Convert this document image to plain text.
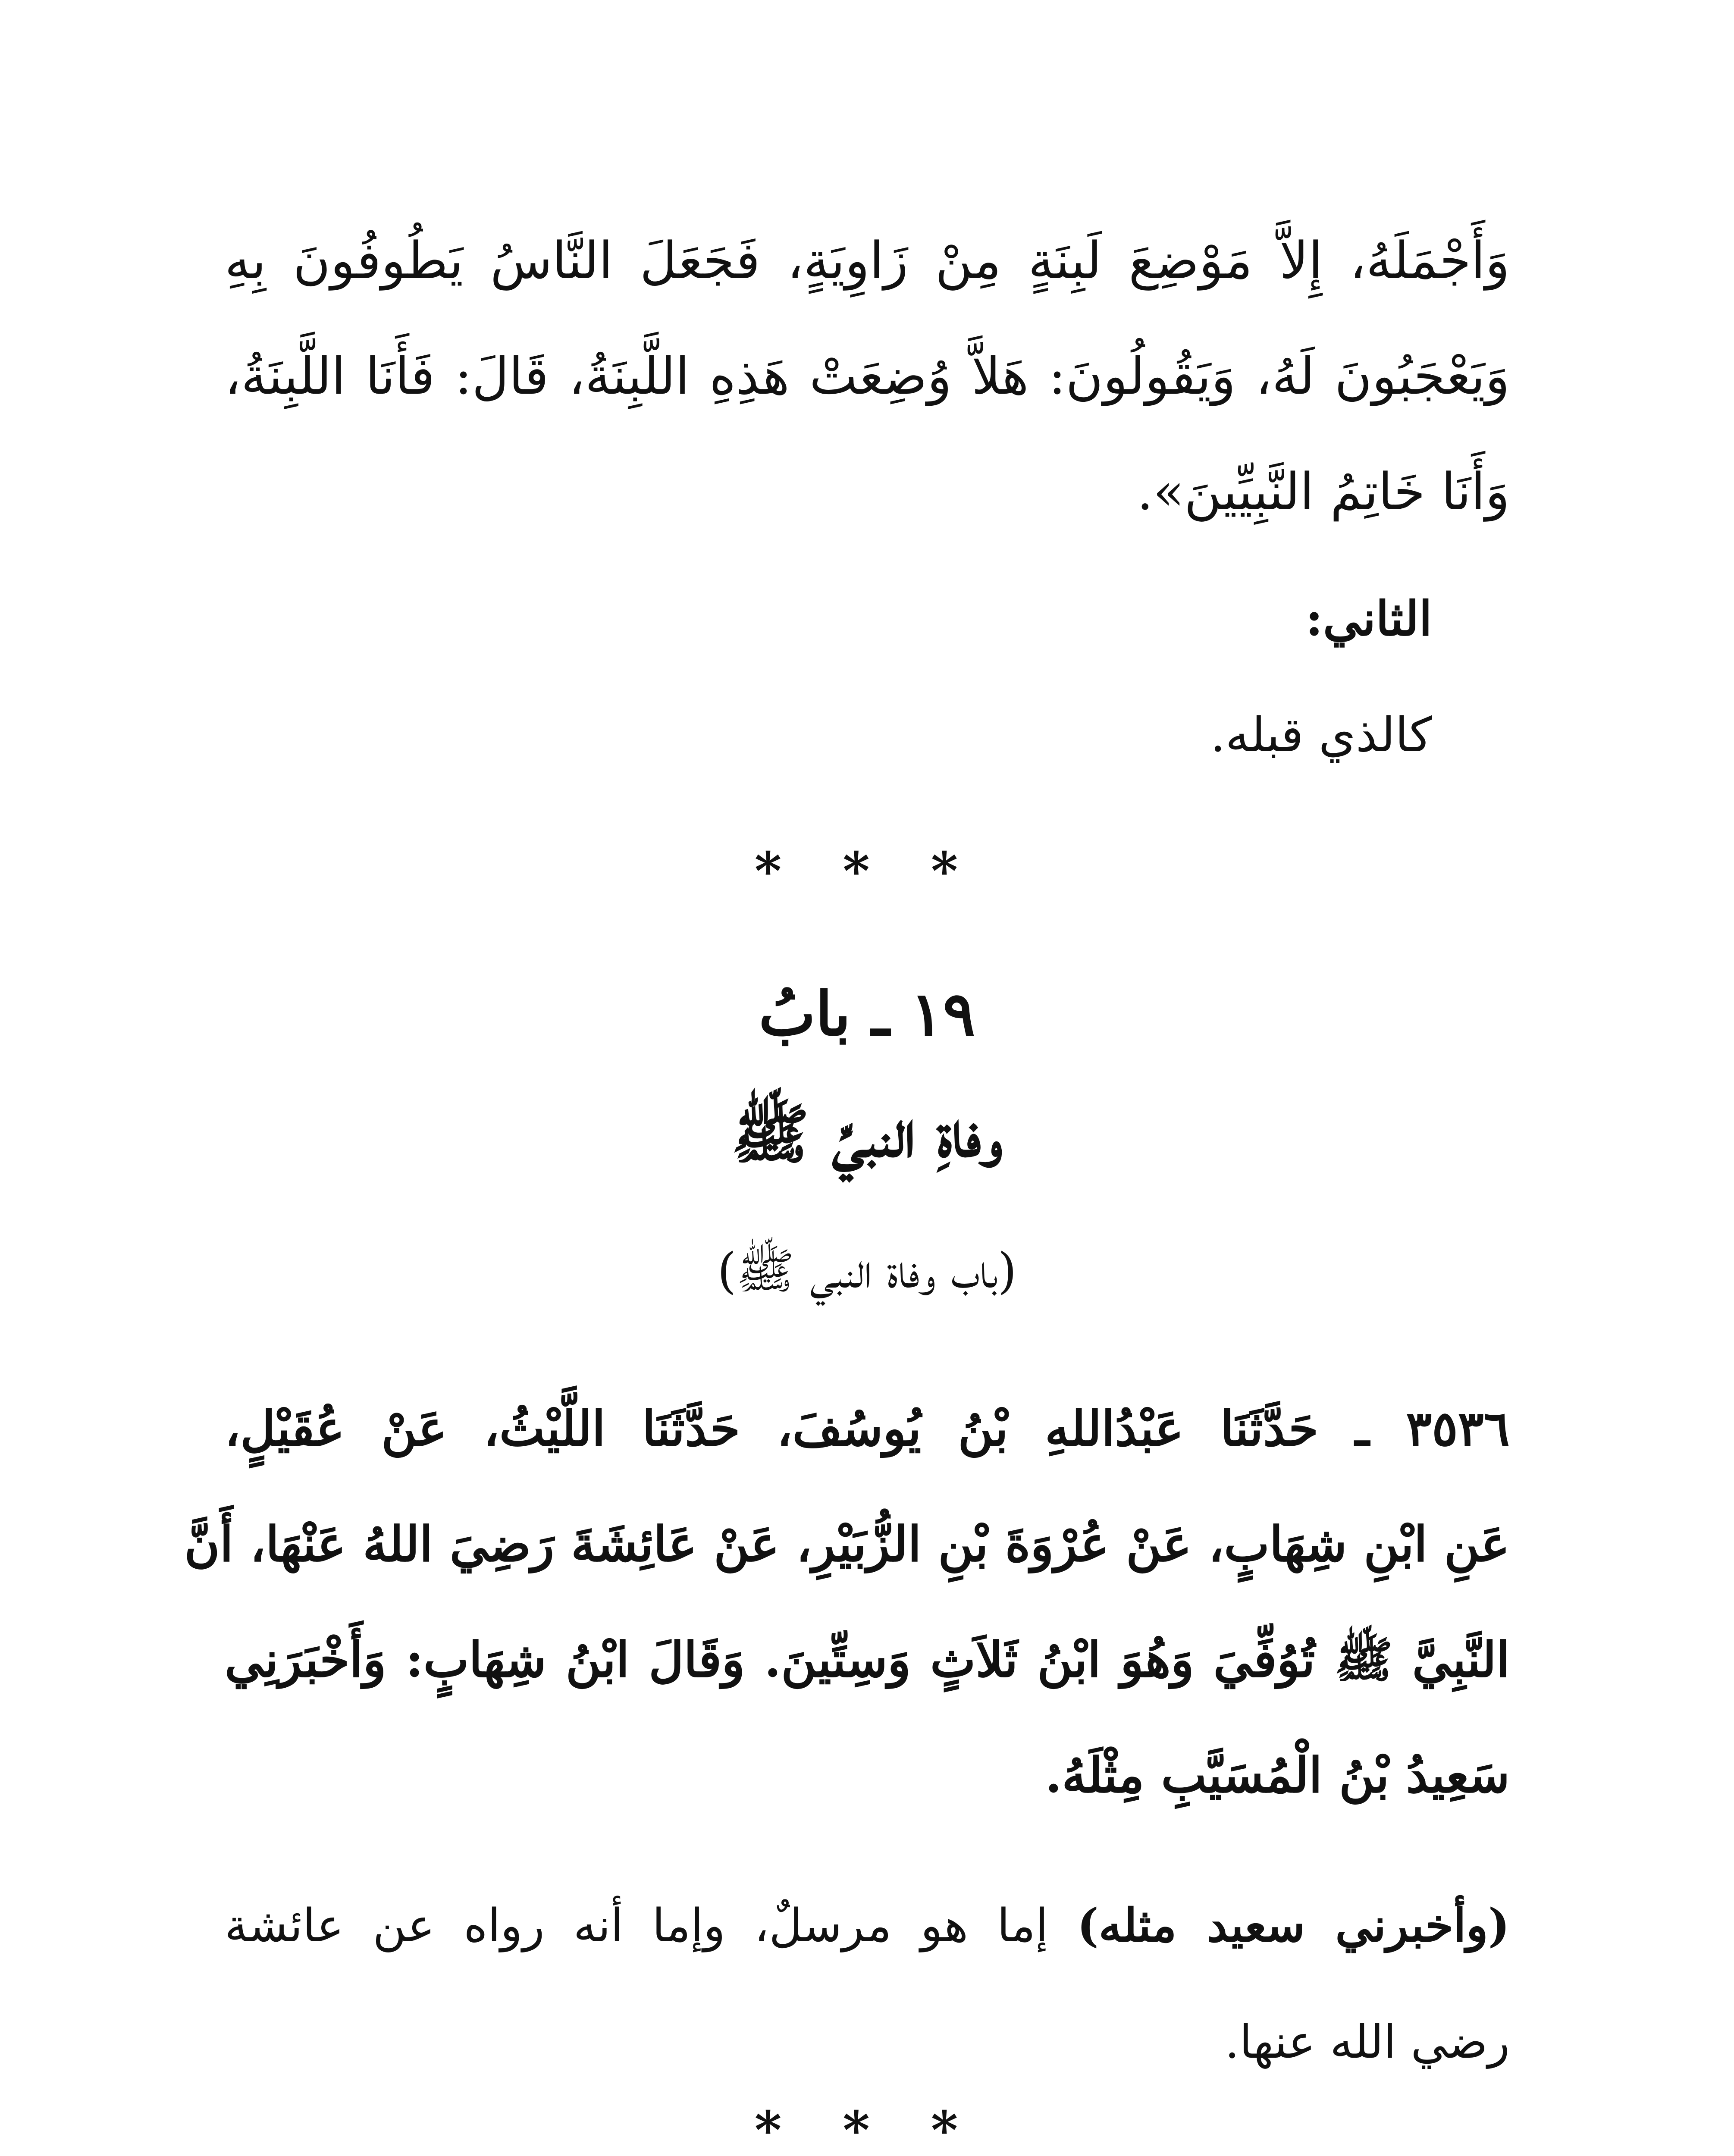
وَأَجْمَلَهُ، إِلاَّ مَوْضِعَ لَبِنَةٍ مِنْ زَاوِيَةٍ، فَجَعَلَ النَّاسُ يَطُوفُونَ بِهِ
وَيَعْجَبُونَ لَهُ، وَيَقُولُونَ: هَلاَّ وُضِعَتْ هَذِهِ اللَّبِنَةُ، قَالَ: فَأَنَا اللَّبِنَةُ،
وَأَنَا خَاتِمُ النَّبِيِّينَ».
الثاني:
كالذي قبله.
* * *
١٩ ـ بابُ
وفاةِ النبيِّ ﷺ
(باب وفاة النبي ﷺ)
٣٥٣٦ ـ حَدَّثَنَا عَبْدُاللهِ بْنُ يُوسُفَ، حَدَّثَنَا اللَّيْثُ، عَنْ عُقَيْلٍ،
عَنِ ابْنِ شِهَابٍ، عَنْ عُرْوَةَ بْنِ الزُّبَيْرِ، عَنْ عَائِشَةَ رَضِيَ اللهُ عَنْهَا، أَنَّ
النَّبِيَّ ﷺ تُوُفِّيَ وَهُوَ ابْنُ ثَلاَثٍ وَسِتِّينَ. وَقَالَ ابْنُ شِهَابٍ: وَأَخْبَرَنِي
سَعِيدُ بْنُ الْمُسَيَّبِ مِثْلَهُ.
(وأخبرني سعيد مثله) إما هو مرسلٌ، وإما أنه رواه عن عائشة
رضي الله عنها.
* * *
